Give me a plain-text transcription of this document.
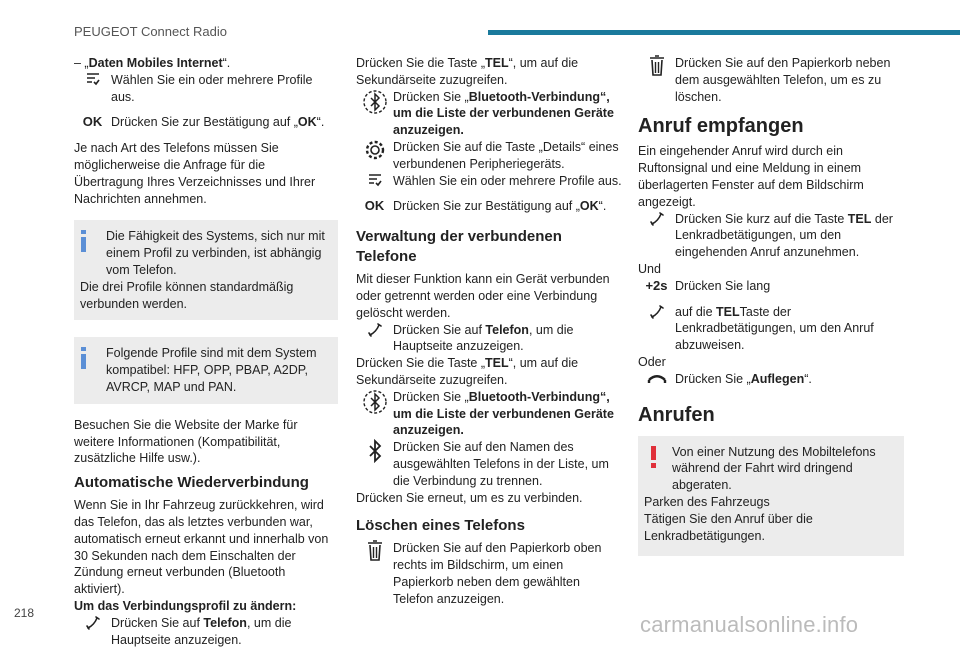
PEUGEOT Connect Radio

– „Daten Mobiles Internet“.

Wählen Sie ein oder mehrere Profile aus.
OK Drücken Sie zur Bestätigung auf „OK“.

Je nach Art des Telefons müssen Sie möglicherweise die Anfrage für die Übertragung Ihres Verzeichnisses und Ihrer Nachrichten annehmen.

Die Fähigkeit des Systems, sich nur mit einem Profil zu verbinden, ist abhängig vom Telefon.

Die drei Profile können standardmäßig verbunden werden.

Folgende Profile sind mit dem System kompatibel: HFP, OPP, PBAP, A2DP, AVRCP, MAP und PAN.

Besuchen Sie die Website der Marke für weitere Informationen (Kompatibilität, zusätzliche Hilfe usw.).

Automatische Wiederverbindung

Wenn Sie in Ihr Fahrzeug zurückkehren, wird das Telefon, das als letztes verbunden war, automatisch erneut erkannt und innerhalb von 30 Sekunden nach dem Einschalten der Zündung erneut verbunden (Bluetooth aktiviert).

Um das Verbindungsprofil zu ändern:

Drücken Sie auf Telefon, um die Hauptseite anzuzeigen.

Drücken Sie die Taste „TEL“, um auf die Sekundärseite zuzugreifen.

Drücken Sie „Bluetooth-Verbindung“, um die Liste der verbundenen Geräte anzuzeigen.
Drücken Sie auf die Taste „Details“ eines verbundenen Peripheriegeräts.
Wählen Sie ein oder mehrere Profile aus.
OK Drücken Sie zur Bestätigung auf „OK“.
Verwaltung der verbundenen Telefone

Mit dieser Funktion kann ein Gerät verbunden oder getrennt werden oder eine Verbindung gelöscht werden.

Drücken Sie auf Telefon, um die Hauptseite anzuzeigen.

Drücken Sie die Taste „TEL“, um auf die Sekundärseite zuzugreifen.

Drücken Sie „Bluetooth-Verbindung“, um die Liste der verbundenen Geräte anzuzeigen.
Drücken Sie auf den Namen des ausgewählten Telefons in der Liste, um die Verbindung zu trennen.

Drücken Sie erneut, um es zu verbinden.

Löschen eines Telefons
Drücken Sie auf den Papierkorb oben rechts im Bildschirm, um einen Papierkorb neben dem gewählten Telefon anzuzeigen.
Drücken Sie auf den Papierkorb neben dem ausgewählten Telefon, um es zu löschen.
Anruf empfangen

Ein eingehender Anruf wird durch ein Ruftonsignal und eine Meldung in einem überlagerten Fenster auf dem Bildschirm angezeigt.

Drücken Sie kurz auf die Taste TEL der Lenkradbetätigungen, um den eingehenden Anruf anzunehmen.

Und

+2s Drücken Sie lang
auf die TELTaste der Lenkradbetätigungen, um den Anruf abzuweisen.

Oder

Drücken Sie „Auflegen“.
Anrufen

Von einer Nutzung des Mobiltelefons während der Fahrt wird dringend abgeraten.

Parken des Fahrzeugs

Tätigen Sie den Anruf über die Lenkradbetätigungen.

218	carmanualsonline.info
